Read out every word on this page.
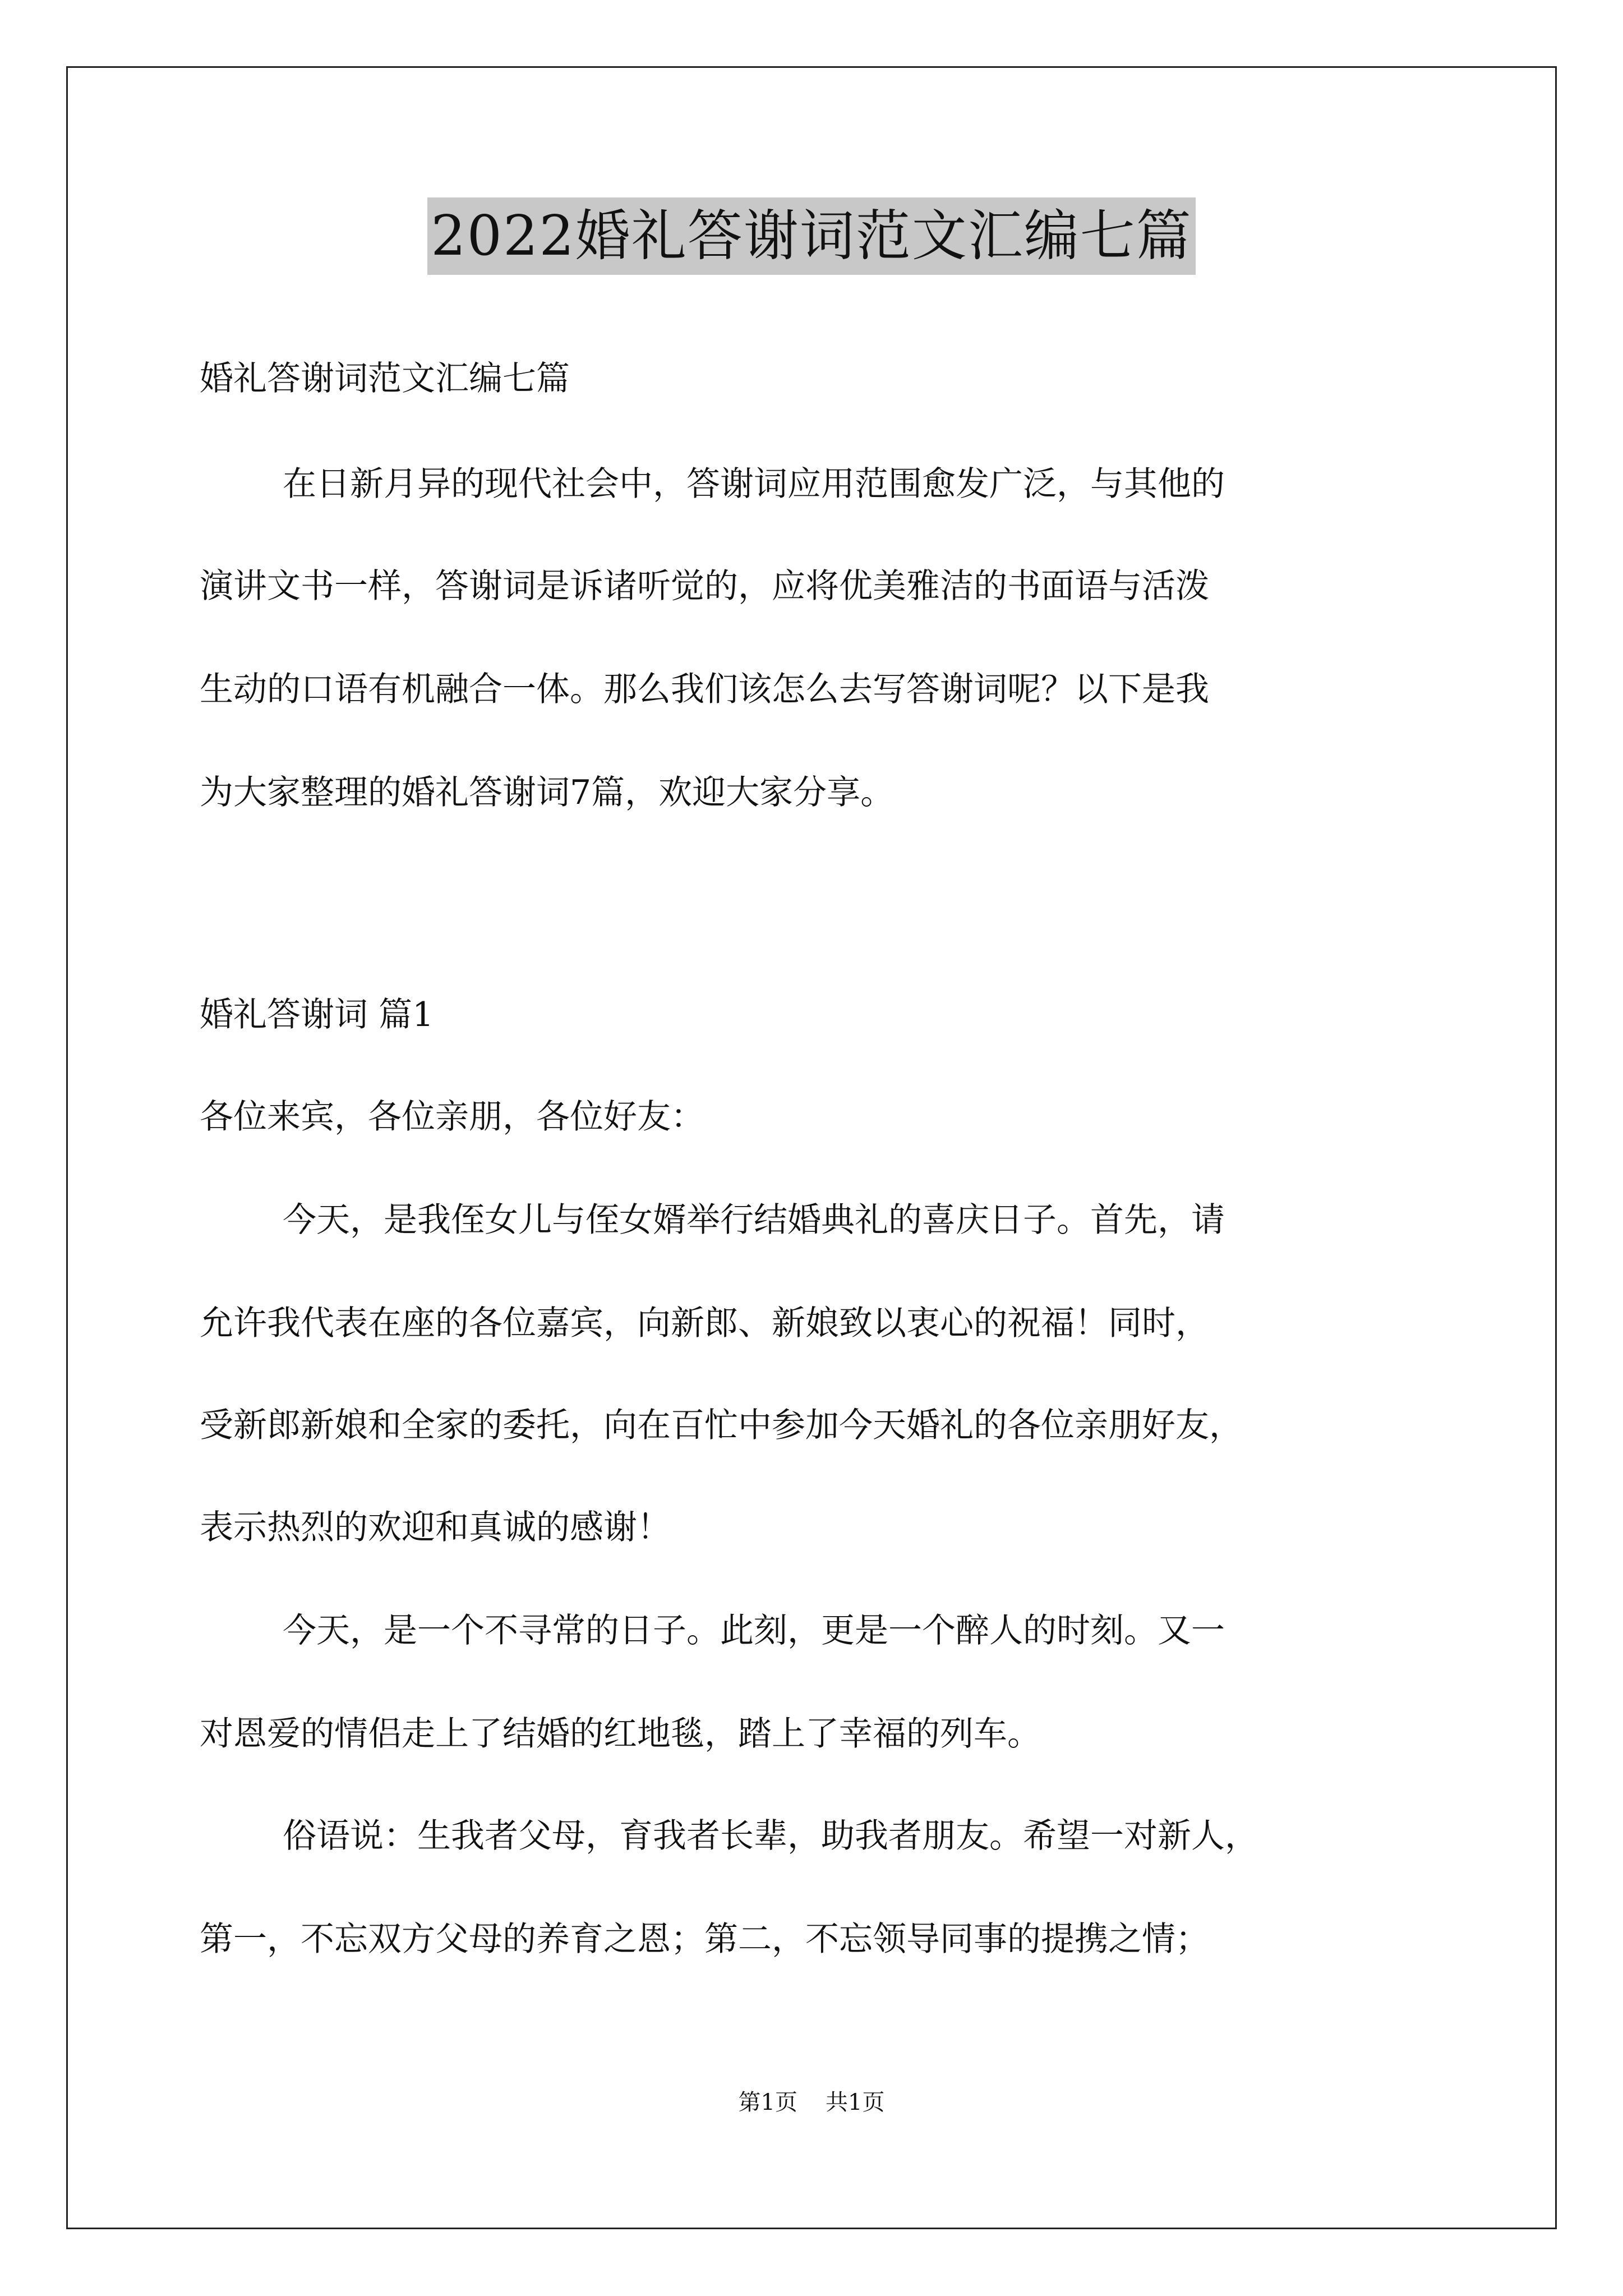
2022婚礼答谢词范文汇编七篇
婚礼答谢词范文汇编七篇
在日新月异的现代社会中，答谢词应用范围愈发广泛，与其他的
演讲文书一样，答谢词是诉诸听觉的，应将优美雅洁的书面语与活泼
生动的口语有机融合一体。那么我们该怎么去写答谢词呢？以下是我
为大家整理的婚礼答谢词7篇，欢迎大家分享。
婚礼答谢词 篇1
各位来宾，各位亲朋，各位好友：
今天，是我侄女儿与侄女婿举行结婚典礼的喜庆日子。首先，请
允许我代表在座的各位嘉宾，向新郎、新娘致以衷心的祝福！同时，
受新郎新娘和全家的委托，向在百忙中参加今天婚礼的各位亲朋好友，
表示热烈的欢迎和真诚的感谢！
今天，是一个不寻常的日子。此刻，更是一个醉人的时刻。又一
对恩爱的情侣走上了结婚的红地毯，踏上了幸福的列车。
俗语说：生我者父母，育我者长辈，助我者朋友。希望一对新人，
第一，不忘双方父母的养育之恩；第二，不忘领导同事的提携之情；
第1页 共1页
